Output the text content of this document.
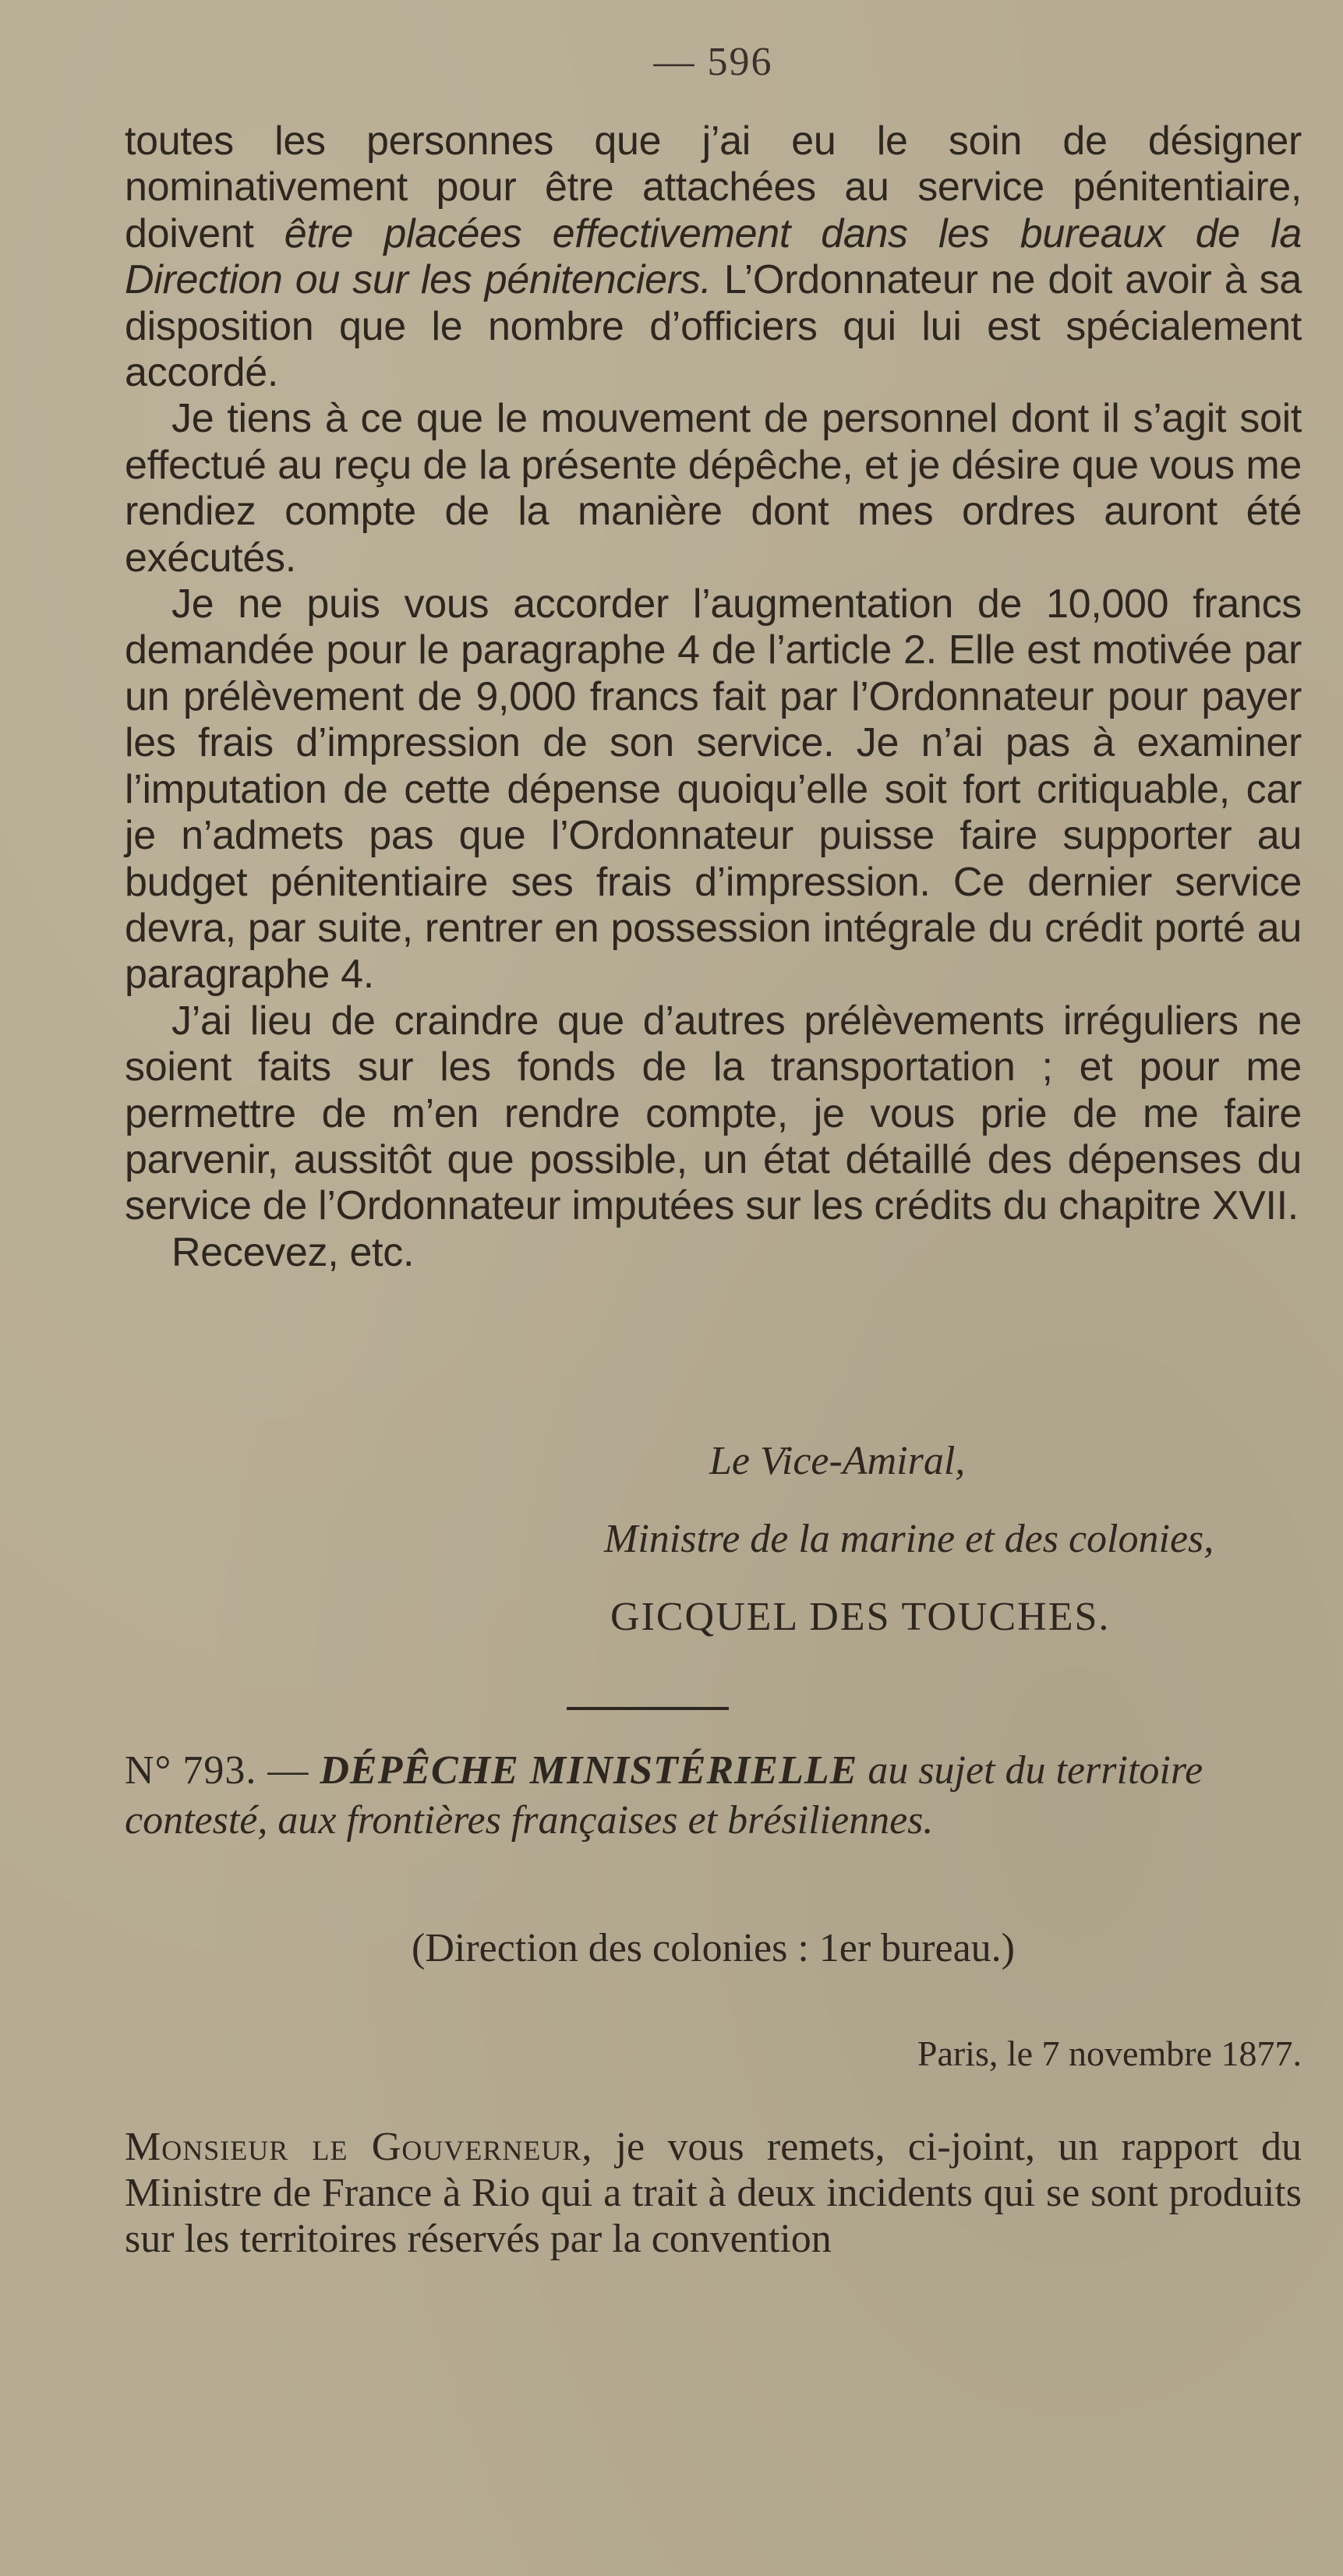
— 596

toutes les personnes que j’ai eu le soin de désigner nominativement pour être attachées au service pénitentiaire, doivent être placées effectivement dans les bureaux de la Direction ou sur les pénitenciers. L’Ordonnateur ne doit avoir à sa disposition que le nombre d’officiers qui lui est spécialement accordé.

Je tiens à ce que le mouvement de personnel dont il s’agit soit effectué au reçu de la présente dépêche, et je désire que vous me rendiez compte de la manière dont mes ordres auront été exécutés.

Je ne puis vous accorder l’augmentation de 10,000 francs demandée pour le paragraphe 4 de l’article 2. Elle est motivée par un prélèvement de 9,000 francs fait par l’Ordonnateur pour payer les frais d’impression de son service. Je n’ai pas à examiner l’imputation de cette dépense quoiqu’elle soit fort critiquable, car je n’admets pas que l’Ordonnateur puisse faire supporter au budget pénitentiaire ses frais d’impression. Ce dernier service devra, par suite, rentrer en possession intégrale du crédit porté au paragraphe 4.

J’ai lieu de craindre que d’autres prélèvements irréguliers ne soient faits sur les fonds de la transportation ; et pour me permettre de m’en rendre compte, je vous prie de me faire parvenir, aussitôt que possible, un état détaillé des dépenses du service de l’Ordonnateur imputées sur les crédits du chapitre XVII.

Recevez, etc.

Le Vice-Amiral,
Ministre de la marine et des colonies,
GICQUEL DES TOUCHES.
N° 793. — DÉPÊCHE MINISTÉRIELLE au sujet du territoire contesté, aux frontières françaises et brésiliennes.
(Direction des colonies : 1er bureau.)
Paris, le 7 novembre 1877.

Monsieur le Gouverneur, je vous remets, ci-joint, un rapport du Ministre de France à Rio qui a trait à deux incidents qui se sont produits sur les territoires réservés par la convention
